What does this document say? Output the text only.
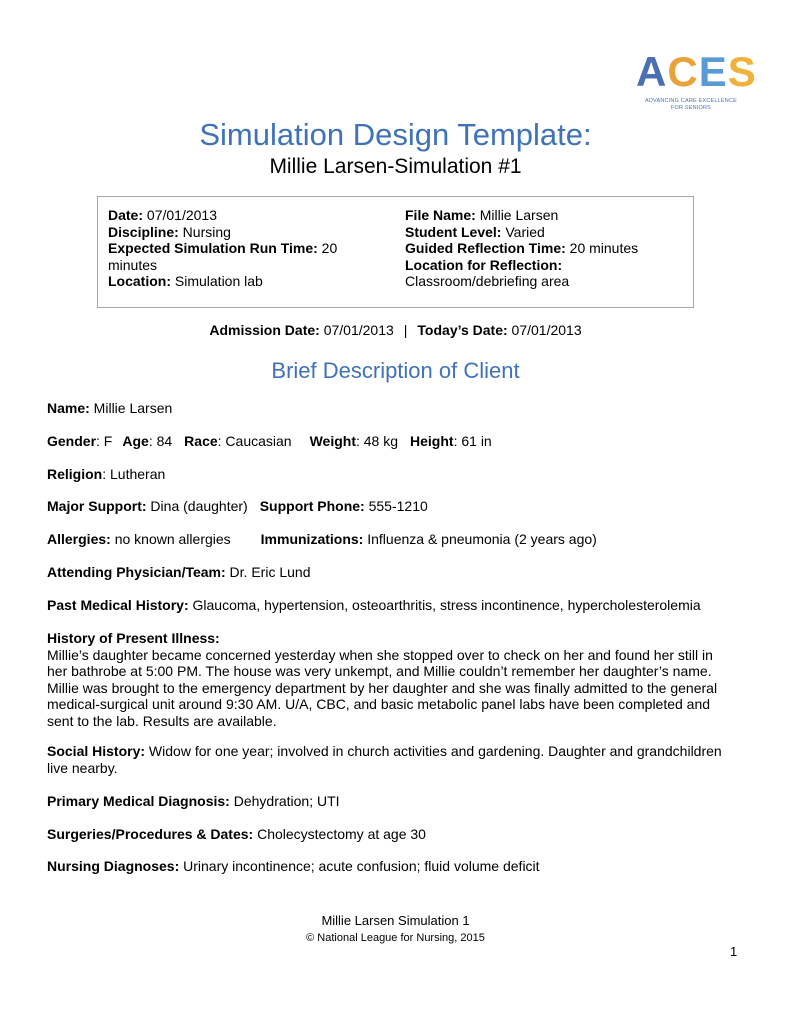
ACES
ADVANCING CARE EXCELLENCE
FOR SENIORS
Simulation Design Template:
Millie Larsen-Simulation #1
Date: 07/01/2013
Discipline: Nursing
Expected Simulation Run Time: 20 minutes
Location: Simulation lab
File Name: Millie Larsen
Student Level: Varied
Guided Reflection Time: 20 minutes
Location for Reflection:
Classroom/debriefing area
Admission Date: 07/01/2013 | Today’s Date: 07/01/2013
Brief Description of Client
Name: Millie Larsen
Gender: F Age: 84 Race: Caucasian Weight: 48 kg Height: 61 in
Religion: Lutheran
Major Support: Dina (daughter) Support Phone: 555-1210
Allergies: no known allergies Immunizations: Influenza & pneumonia (2 years ago)
Attending Physician/Team: Dr. Eric Lund
Past Medical History: Glaucoma, hypertension, osteoarthritis, stress incontinence, hypercholesterolemia
History of Present Illness:
Millie’s daughter became concerned yesterday when she stopped over to check on her and found her still in
her bathrobe at 5:00 PM. The house was very unkempt, and Millie couldn’t remember her daughter’s name.
Millie was brought to the emergency department by her daughter and she was finally admitted to the general
medical-surgical unit around 9:30 AM. U/A, CBC, and basic metabolic panel labs have been completed and
sent to the lab. Results are available.
Social History: Widow for one year; involved in church activities and gardening. Daughter and grandchildren
live nearby.
Primary Medical Diagnosis: Dehydration; UTI
Surgeries/Procedures & Dates: Cholecystectomy at age 30
Nursing Diagnoses: Urinary incontinence; acute confusion; fluid volume deficit
Millie Larsen Simulation 1
© National League for Nursing, 2015
1
